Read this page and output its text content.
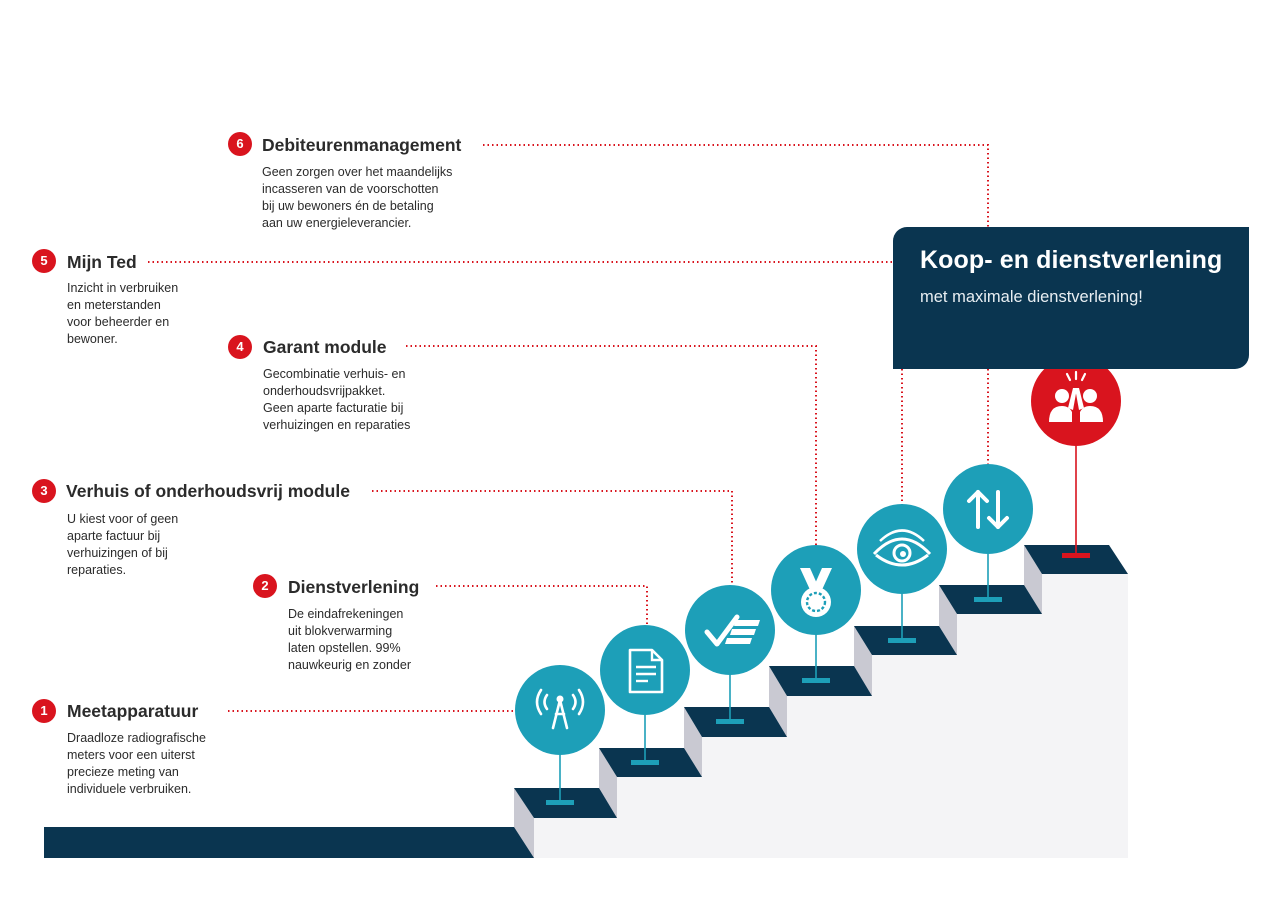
Koop- en dienstverlening
met maximale dienstverlening!
1	Meetapparatuur
Draadloze radiografische
meters voor een uiterst
precieze meting van
individuele verbruiken.
2	Dienstverlening
De eindafrekeningen
uit blokverwarming
laten opstellen. 99%
nauwkeurig en zonder
3	Verhuis of onderhoudsvrij module
U kiest voor of geen
aparte factuur bij
verhuizingen of bij
reparaties.
4	Garant module
Gecombinatie verhuis- en
onderhoudsvrijpakket.
Geen aparte facturatie bij
verhuizingen en reparaties
5	Mijn Ted
Inzicht in verbruiken
en meterstanden
voor beheerder en
bewoner.
6	Debiteurenmanagement
Geen zorgen over het maandelijks
incasseren van de voorschotten
bij uw bewoners én de betaling
aan uw energieleverancier.
